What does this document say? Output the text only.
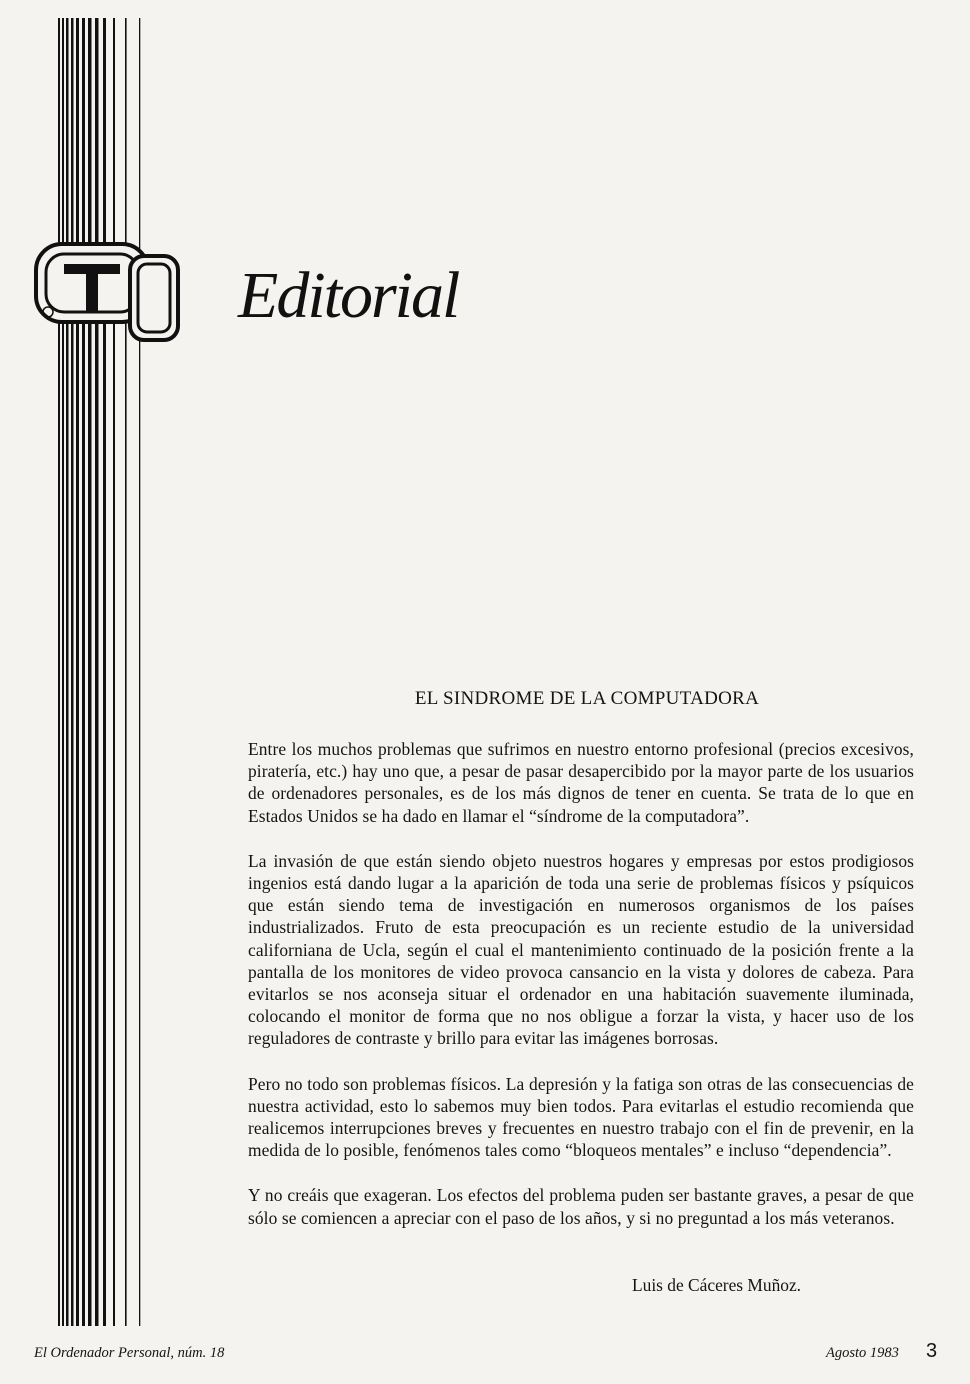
Editorial
EL SINDROME DE LA COMPUTADORA

Entre los muchos problemas que sufrimos en nuestro entorno profesional (precios excesivos, piratería, etc.) hay uno que, a pesar de pasar desapercibido por la mayor parte de los usuarios de ordenadores personales, es de los más dignos de tener en cuenta. Se trata de lo que en Estados Unidos se ha dado en llamar el “síndrome de la computadora”.

La invasión de que están siendo objeto nuestros hogares y empresas por estos prodigiosos ingenios está dando lugar a la aparición de toda una serie de problemas físicos y psíquicos que están siendo tema de investigación en numerosos organismos de los países industrializados. Fruto de esta preocupación es un reciente estudio de la universidad californiana de Ucla, según el cual el mantenimiento continuado de la posición frente a la pantalla de los monitores de video provoca cansancio en la vista y dolores de cabeza. Para evitarlos se nos aconseja situar el ordenador en una habitación suavemente iluminada, colocando el monitor de forma que no nos obligue a forzar la vista, y hacer uso de los reguladores de contraste y brillo para evitar las imágenes borrosas.

Pero no todo son problemas físicos. La depresión y la fatiga son otras de las consecuencias de nuestra actividad, esto lo sabemos muy bien todos. Para evitarlas el estudio recomienda que realicemos interrupciones breves y frecuentes en nuestro trabajo con el fin de prevenir, en la medida de lo posible, fenómenos tales como “bloqueos mentales” e incluso “dependencia”.

Y no creáis que exageran. Los efectos del problema puden ser bastante graves, a pesar de que sólo se comiencen a apreciar con el paso de los años, y si no preguntad a los más veteranos.

Luis de Cáceres Muñoz.
El Ordenador Personal, núm. 18	Agosto 1983 3
